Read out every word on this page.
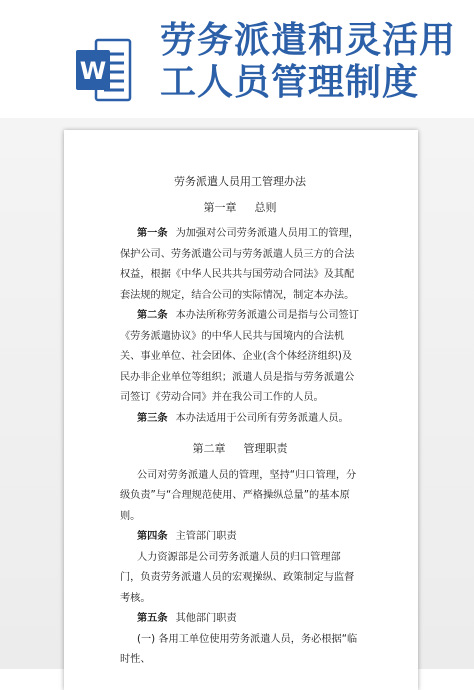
W
劳务派遣和灵活用
工人员管理制度
劳务派遣人员用工管理办法
第一章 总则

第一条 为加强对公司劳务派遣人员用工的管理，保护公司、劳务派遣公司与劳务派遣人员三方的合法权益，根据《中华人民共共与国劳动合同法》及其配套法规的规定，结合公司的实际情况，制定本办法。

第二条 本办法所称劳务派遣公司是指与公司签订《劳务派遣协议》的中华人民共与国境内的合法机关、事业单位、社会团体、企业(含个体经济组织)及民办非企业单位等组织；派遣人员是指与劳务派遣公司签订《劳动合同》并在我公司工作的人员。

第三条 本办法适用于公司所有劳务派遣人员。

第二章 管理职责

公司对劳务派遣人员的管理，坚持“归口管理，分级负责”与“合理规范使用、严格操纵总量”的基本原则。

第四条 主管部门职责

人力资源部是公司劳务派遣人员的归口管理部门，负责劳务派遣人员的宏观操纵、政策制定与监督考核。

第五条 其他部门职责

(一) 各用工单位使用劳务派遣人员，务必根据“临时性、
